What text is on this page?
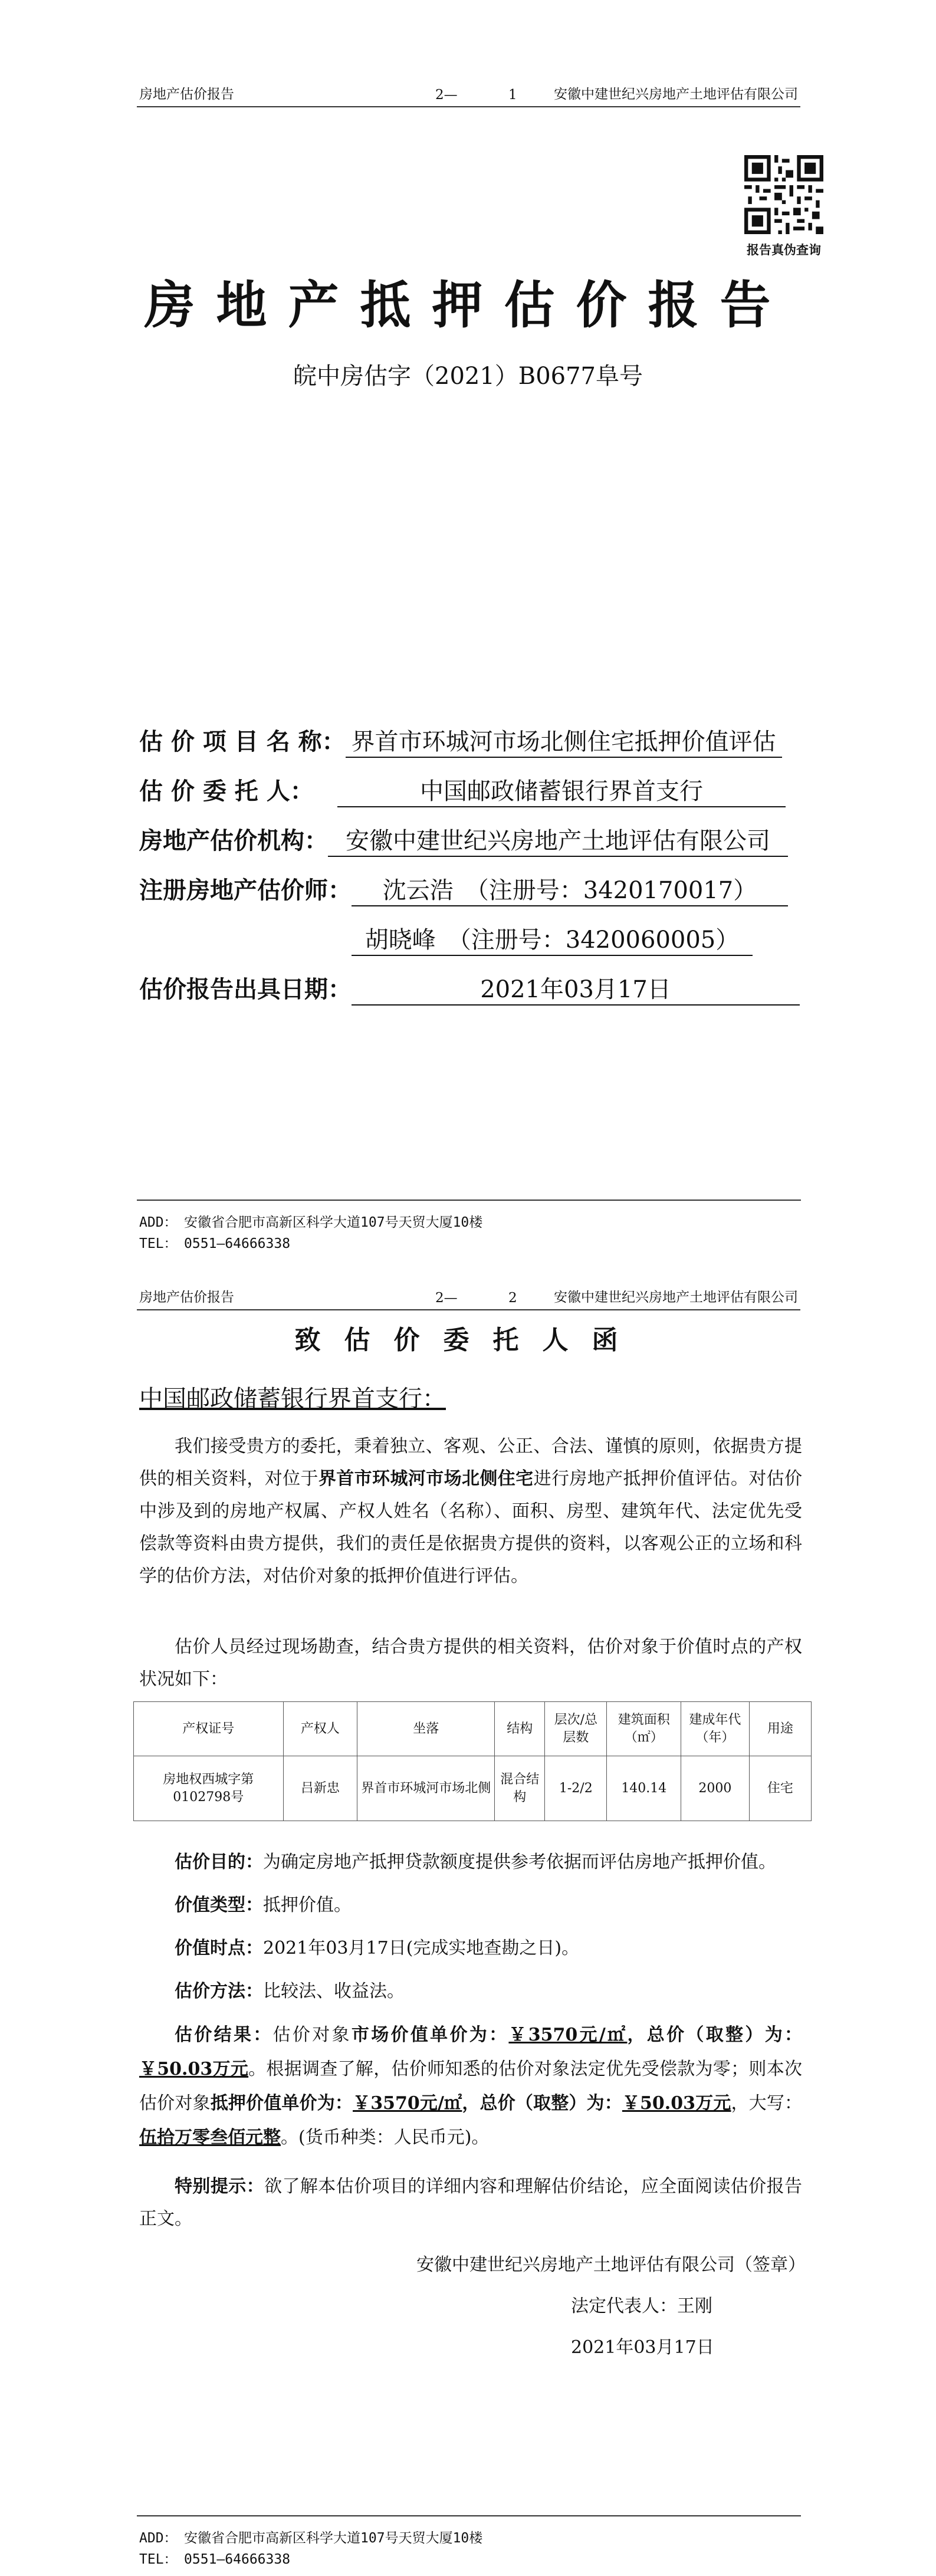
房地产估价报告	2—	1	安徽中建世纪兴房地产土地评估有限公司
报告真伪查询
房地产抵押估价报告
皖中房估字（2021）B0677阜号
估 价 项 目 名 称： 界首市环城河市场北侧住宅抵押价值评估
估 价 委 托 人：	中国邮政储蓄银行界首支行
房地产估价机构： 安徽中建世纪兴房地产土地评估有限公司
注册房地产估价师： 沈云浩　（注册号：3420170017）
胡晓峰　（注册号：3420060005）
估价报告出具日期：	2021年03月17日
ADD：　安徽省合肥市高新区科学大道107号天贸大厦10楼
TEL：　0551—64666338
房地产估价报告	2—	2	安徽中建世纪兴房地产土地评估有限公司
致估价委托人函
中国邮政储蓄银行界首支行：
我们接受贵方的委托，秉着独立、客观、公正、合法、谨慎的原则，依据贵方提供的相关资料，对位于界首市环城河市场北侧住宅进行房地产抵押价值评估。对估价中涉及到的房地产权属、产权人姓名（名称）、面积、房型、建筑年代、法定优先受偿款等资料由贵方提供，我们的责任是依据贵方提供的资料，以客观公正的立场和科学的估价方法，对估价对象的抵押价值进行评估。
估价人员经过现场勘查，结合贵方提供的相关资料，估价对象于价值时点的产权状况如下：
产权证号	产权人	坐落	结构	层次/总层数	建筑面积（㎡）	建成年代（年）	用途
房地权西城字第0102798号	吕新忠	界首市环城河市场北侧	混合结构	1-2/2	140.14	2000	住宅
估价目的：为确定房地产抵押贷款额度提供参考依据而评估房地产抵押价值。
价值类型：抵押价值。
价值时点：2021年03月17日(完成实地查勘之日)。
估价方法：比较法、收益法。
估价结果：估价对象市场价值单价为：￥3570元/㎡，总价（取整）为：￥50.03万元。根据调查了解，估价师知悉的估价对象法定优先受偿款为零；则本次估价对象抵押价值单价为：￥3570元/㎡，总价（取整）为：￥50.03万元，大写：伍拾万零叁佰元整。(货币种类：人民币元)。
特别提示：欲了解本估价项目的详细内容和理解估价结论，应全面阅读估价报告正文。
安徽中建世纪兴房地产土地评估有限公司（签章）
法定代表人：王刚
2021年03月17日
ADD：　安徽省合肥市高新区科学大道107号天贸大厦10楼
TEL：　0551—64666338
